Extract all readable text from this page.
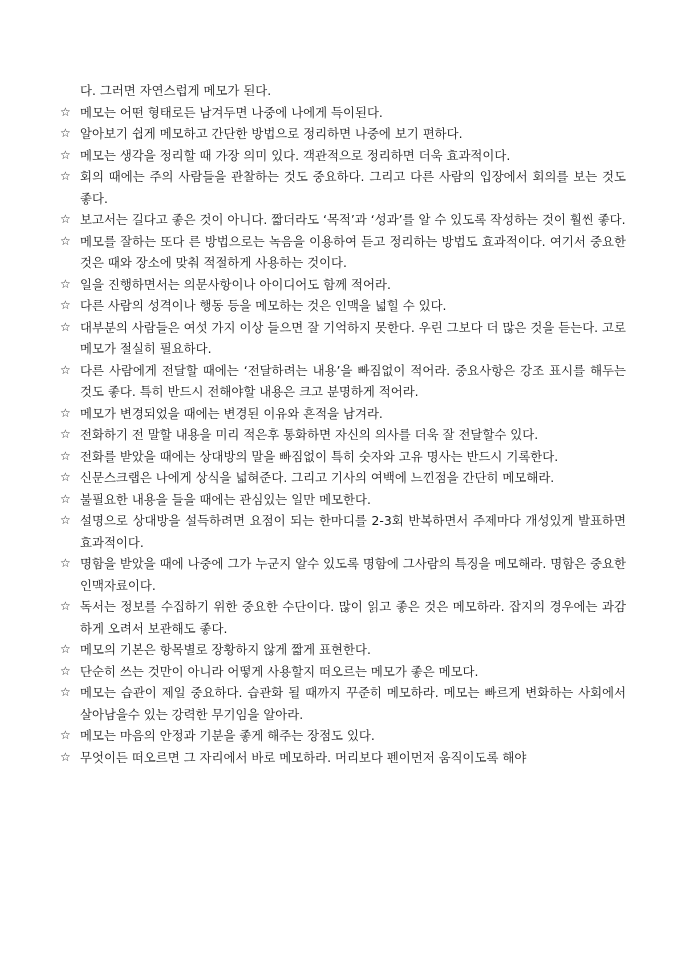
다. 그러면 자연스럽게 메모가 된다.

☆ 메모는 어떤 형태로든 남겨두면 나중에 나에게 득이된다.
☆ 알아보기 쉽게 메모하고 간단한 방법으로 정리하면 나중에 보기 편하다.
☆ 메모는 생각을 정리할 때 가장 의미 있다. 객관적으로 정리하면 더욱 효과적이다.
☆ 회의 때에는 주의 사람들을 관찰하는 것도 중요하다. 그리고 다른 사람의 입장에서 회의를 보는 것도 좋다.
☆ 보고서는 길다고 좋은 것이 아니다. 짧더라도 ‘목적’과 ‘성과’를 알 수 있도록 작성하는 것이 훨씬 좋다.
☆ 메모를 잘하는 또다 른 방법으로는 녹음을 이용하여 듣고 정리하는 방법도 효과적이다. 여기서 중요한 것은 때와 장소에 맞춰 적절하게 사용하는 것이다.
☆ 일을 진행하면서는 의문사항이나 아이디어도 함께 적어라.
☆ 다른 사람의 성격이나 행동 등을 메모하는 것은 인맥을 넓힐 수 있다.
☆ 대부분의 사람들은 여섯 가지 이상 들으면 잘 기억하지 못한다. 우린 그보다 더 많은 것을 듣는다. 고로 메모가 절실히 필요하다.
☆ 다른 사람에게 전달할 때에는 ‘전달하려는 내용’을 빠짐없이 적어라. 중요사항은 강조 표시를 해두는 것도 좋다. 특히 반드시 전해야할 내용은 크고 분명하게 적어라.
☆ 메모가 변경되었을 때에는 변경된 이유와 흔적을 남겨라.
☆ 전화하기 전 말할 내용을 미리 적은후 통화하면 자신의 의사를 더욱 잘 전달할수 있다.
☆ 전화를 받았을 때에는 상대방의 말을 빠짐없이 특히 숫자와 고유 명사는 반드시 기록한다.
☆ 신문스크랩은 나에게 상식을 넓혀준다. 그리고 기사의 여백에 느낀점을 간단히 메모해라.
☆ 불필요한 내용을 들을 때에는 관심있는 일만 메모한다.
☆ 설명으로 상대방을 설득하려면 요점이 되는 한마디를 2-3회 반복하면서 주제마다 개성있게 발표하면 효과적이다.
☆ 명함을 받았을 때에 나중에 그가 누군지 알수 있도록 명함에 그사람의 특징을 메모해라. 명함은 중요한 인맥자료이다.
☆ 독서는 정보를 수집하기 위한 중요한 수단이다. 많이 읽고 좋은 것은 메모하라. 잡지의 경우에는 과감하게 오려서 보관해도 좋다.
☆ 메모의 기본은 항목별로 장황하지 않게 짧게 표현한다.
☆ 단순히 쓰는 것만이 아니라 어떻게 사용할지 떠오르는 메모가 좋은 메모다.
☆ 메모는 습관이 제일 중요하다. 습관화 될 때까지 꾸준히 메모하라. 메모는 빠르게 변화하는 사회에서 살아남을수 있는 강력한 무기임을 알아라.
☆ 메모는 마음의 안정과 기분을 좋게 해주는 장점도 있다.
☆ 무엇이든 떠오르면 그 자리에서 바로 메모하라. 머리보다 펜이먼저 움직이도록 해야
